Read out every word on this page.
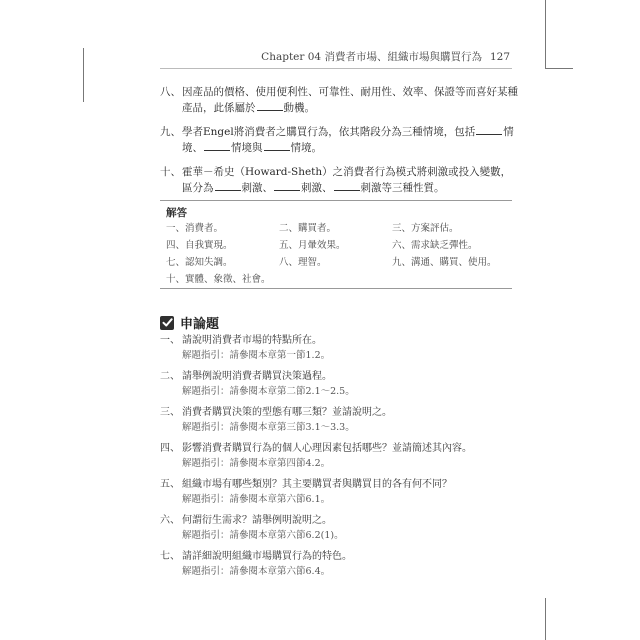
Chapter 04 消費者市場、組織市場與購買行為 127
八、 因產品的價格、使用便利性、可靠性、耐用性、效率、保證等而喜好某種產品，此係屬於	動機。
九、 學者Engel將消費者之購買行為，依其階段分為三種情境，包括	情境、	情境與	情境。
十、 霍華－希史（Howard-Sheth）之消費者行為模式將刺激或投入變數，區分為	刺激、	刺激、	刺激等三種性質。
解答
一、消費者。	二、購買者。	三、方案評估。
四、自我實現。	五、月暈效果。	六、需求缺乏彈性。
七、認知失調。	八、理智。	九、溝通、購買、使用。
十、實體、象徵、社會。
申論題
一、 請說明消費者市場的特點所在。
解題指引：請參閱本章第一節1.2。
二、 請舉例說明消費者購買決策過程。
解題指引：請參閱本章第二節2.1～2.5。
三、 消費者購買決策的型態有哪三類？並請說明之。
解題指引：請參閱本章第三節3.1～3.3。
四、 影響消費者購買行為的個人心理因素包括哪些？並請簡述其內容。
解題指引：請參閱本章第四節4.2。
五、 組織市場有哪些類別？其主要購買者與購買目的各有何不同？
解題指引：請參閱本章第六節6.1。
六、 何謂衍生需求？請舉例明說明之。
解題指引：請參閱本章第六節6.2(1)。
七、 請詳細說明組織市場購買行為的特色。
解題指引：請參閱本章第六節6.4。
